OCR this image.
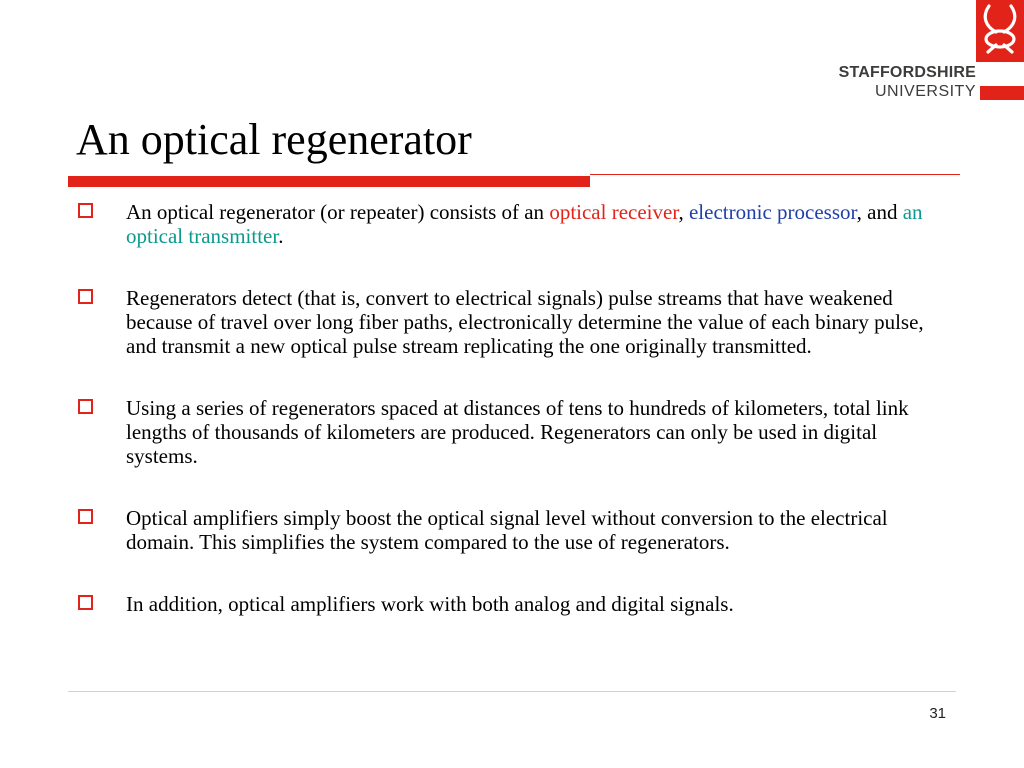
STAFFORDSHIRE
UNIVERSITY
An optical regenerator
An optical regenerator (or repeater) consists of an optical receiver, electronic processor, and an optical transmitter.
Regenerators detect (that is, convert to electrical signals) pulse streams that have weakened because of travel over long fiber paths, electronically determine the value of each binary pulse, and transmit a new optical pulse stream replicating the one originally transmitted.
Using a series of regenerators spaced at distances of tens to hundreds of kilometers, total link lengths of thousands of kilometers are produced. Regenerators can only be used in digital systems.
Optical amplifiers simply boost the optical signal level without conversion to the electrical domain. This simplifies the system compared to the use of regenerators.
In addition, optical amplifiers work with both analog and digital signals.
31
